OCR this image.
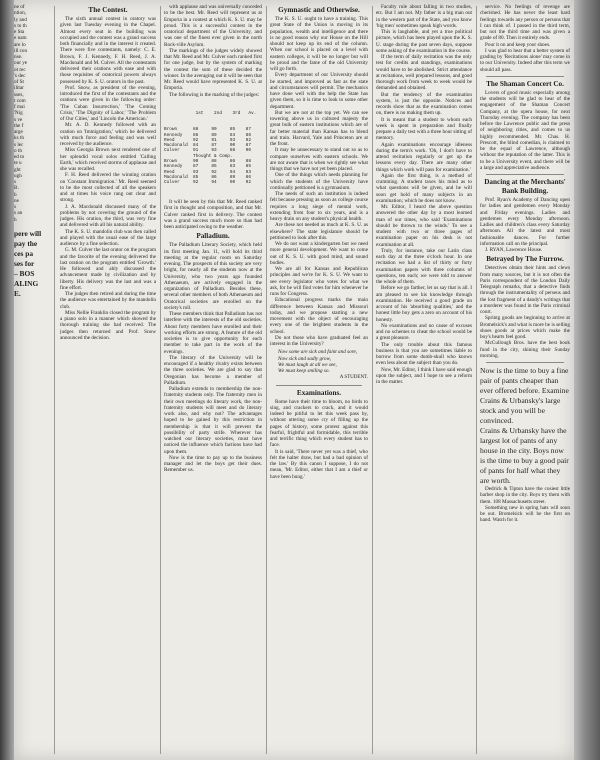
ne of
ntion,
ly and
s to th
e Sta
e nam
are lo
ill con
nse.
our ye
ot rec
's dec
of St
ilitar
sses,
t com
f mai
'Nig
s ve
the f
arge
ks th
s lec
o th
ed to
te u
ght
ugh
s
B.
b
ne
s
s an
h
pere will
pay the
ces pa
ses for
– BOS
ALING
E.
The Contest.
The sixth annual contest in oratory was given last Tuesday evening in the Chapel. Almost every seat in the building was occupied and the contest was a grand success both financially and in the interest it created. There were five contestants, namely: C. E. Brown, F. J. Kennedy, F. H. Reed, J. A. Macdonald and M. Culver. All the contestants delivered their orations with ease and with those requisites of oratorical powers always possessed by K. S. U. orators in the past.
Prof. Snow, as president of the evening, introduced the first of the contestants and the orations were given in the following order: 'The Cuban Insurrection,' 'The Coming Crisis,' 'The Dignity of Labor,' 'The Problem of Our Cities,' and 'Lincoln the American.'
Mr. A. D. Kennedy followed with an oration on 'Immigration,' which he delivered with much force and feeling and was well received by the audience.
Miss Georgia Brown next rendered one of her splendid vocal solos entitled 'Calling Earth,' which received storms of applause and she was recalled.
F. H. Reed delivered the winning oration on 'Constant Immigration.' Mr. Reed seemed to be the most collected of all the speakers and at times his voice rang out clear and strong.
J. A. Macdonald discussed many of the problems by not covering the ground of the judges. His oration, the third, was very fine and delivered with all his natural ability.
The K. S. U. mandolin club was then called and played with the usual ease of the large audience by a fine selection.
G. M. Culver the last orator on the program and the favorite of the evening delivered the last oration on the program entitled 'Growth.' He followed and ably discussed the advancement made by civilization and by liberty. His delivery was the last and was a fine effort.
The judges then retired and during the time the audience was entertained by the mandolin club.
Miss Nellie Franklin closed the program by a piano solo in a manner which showed the thorough training she had received. The judges then returned and Prof. Snow announced the decision.
with applause and was universally conceded to be the best. Mr. Reed will represent us at Emporia in a contest at which K. S. U. may be proud. This is a successful contest in the oratorical department of the University, and was one of the finest ever given in the north Rock-ville Asylum.
The markings of the judges widely showed that Mr. Reed and Mr. Culver each ranked first for one judge, but by the system of marking the contest the sum of these decided the winner. In the averaging out it will be seen that Mr. Reed would have represented K. S. U. at Emporia.
The following is the marking of the judges:

1st    2nd    3rd   Av.

Brown      88     90     85    87
Kennedy    86     89     84    86
Reed       92     91     93    92
Macdonald  84     87     90    87
Culver     91     93     88    90
Thought & Comp.
Brown      90     88     86    88
Kennedy    87     85     83    85
Reed       93     92     94    93
Macdonald  85     86     89    86
Culver     92     94     90    92

It will be seen by this that Mr. Reed ranked first in thought and composition, and that Mr. Culver ranked first in delivery. The contest was a grand success much more so than had been anticipated owing to the weather.
Palladium.
The Palladium Literary Society, which held its first meeting Jan. 11, will hold its third meeting at the regular room on Saturday evening. The prospects of this society are very bright, for nearly all the students now at the University, who two years ago founded Athenaeum, are actively engaged in the organization of Palladium. Besides these, several other members of both Athenaeum and Oratorical societies are enrolled on the society's roll.
These members think that Palladium has not interfere with the interests of the old societies. About forty members have enrolled and their working efforts are strong. A feature of the old societies is to give opportunity for each member to take part in the work of the evenings.
The literary of the University will be encouraged if a healthy rivalry exists between the three societies. We are glad to say that Oregonian has become a member of Palladium.
Palladium extends to membership the non-fraternity students only. The fraternity men in their own meetings do literary work, the non-fraternity students will meet and do literary work also, and why not? The advantages hoped to be gained by this restriction in membership is that it will prevent the possibility of party strife. Wherever has watched our literary societies, must have noticed the influence which factions have had upon them.
Now is the time to pay up to the business manager and let the boys get their dues. Remember us.
Gymnastic and Otherwise.
The K. S. U. ought to have a training. This great State of the Union is moving in its population, wealth and intelligence and there is no good reason why our House on the Hill should not keep up its end of the column. When our school is placed on a level with eastern colleges, it will be no longer but will be proud and the fame of the old University will go forth.
Every department of our University should be started, and improved as fast as the state and circumstances will permit. The mechanics have done well with the help the State has given them, so it is time to look to some other department.
But we are not at the top yet. We can see towering above us in cultured majesty the great bulk of eastern institutions which are of far better material than Kansas has to blend and train. Harvard, Yale and Princeton are at the front.
It may be unnecessary to stand out so as to compare ourselves with eastern schools. We are not aware that is when we rightly see what things that we have not yet been placed.
One of the things which needs planning for which the students of the University have continually petitioned is a gymnasium.
The needs of such an institution is indeed felt because pressing as soon as college course requires a long siege of mental work, extending from four to six years, and is a heavy drain on any student's physical health.
Are these not needed as much at K. S. U. as elsewhere? The state legislature should be petitioned to look after this.
We do not want a kindergarten but we need more general development. We want to come out of K. S. U. with good mind, and sound bodies.
We are all for Kansas and Republican principles and we're for K. S. U. We want to see every legislator who votes for what we ask, for he will find votes for him whenever he runs for Congress.
Educational progress marks the main difference between Kansas and Missouri today, and we propose starting a new movement with the object of encouraging every one of the brightest students in the school.
Do not those who have graduated feel an interest in the University?
Now some are sick and faint and sore,
Now sick and sadly grow,
We must laugh at all we see,
We must keep smiling so.
A STUDENT.
Examinations.
Rome have their time to bloom, no birds to sing, and crackers to crack, and it would indeed be pitiful to let this week pass by, without uttering some cry of filling up the pages of history, some protest against this fearful, frightful and formidable, this terrible and terrific thing which every student has to face.
It is said, 'There never yet was a thief, who felt the halter draw, but had a bad opinion of the law.' By this canon I suppose, I do not mean, 'Mr. Editor, either that I am a thief or have been hung.'
Faculty rule about falling in two studies, etc. But I am not. My father is a big man out in the western part of the State, and you know 'big men' sometimes speak high words.
This is laughable, and yet a true political picture, which has been played upon the K. S. U. stage during the past seven days, suppose some asking of the examination in the course.
If the term of daily recitation was the only test for credits and standings, examinations would have to be abolished. Strict attendance at recitations, well prepared lessons, and good thorough work from week to week would be demanded and obtained.
But the tendency of the examination system, is just the opposite. Notices and records show that as the examination comes on, there is no making them up.
It is meant that a student to whom each week is spent in preparation and finally prepare a daily test with a three hour sitting of memory.
Again examinations encourage idleness during the term's work. 'Oh, I don't have to attend recitation regularly or get up the lessons every day. There are many other things which work will pass for examination.'
Again the first thing, is a method of cramming. A student taxes his mind as to what questions will be given, and he will soon get hold of many subjects in an examination; which he does not know.
Mr. Editor, I heard the above question answered the other day by a most learned man of our times, who said 'Examinations should be thrown to the winds.' To see a student with two or three pages of examination paper on his desk is not examination at all.
Truly, for instance, take our Latin class each day at the three o'clock hour. In one recitation we had a list of thirty or forty examination papers with three columns of questions, ten each; we were told to answer the whole of them.
Before we go farther, let us say that is all. I am pleased to see his knowledge through examination. He received a good grade on account of his 'absorbing qualities,' and the honest little boy gets a zero on account of his honesty.
No examinations and no cause of excuses and no schemes to cheat the school would be a great pleasure.
The only trouble about this famous business is that you are sometimes liable to borrow from some dumb-skull who knows even less about the subject than you do.
Now, Mr. Editor, I think I have said enough upon the subject, and I hope to see a reform in the matter.
service. No feelings of revenge are cherished. He has never the least hard feelings towards any person or persons that I can think of. I passed in the third term, but not the third time and was given a grade of 80. Then it entirely ends.
Pour it on and keep your shoes.
I was glad to hear that a better system of grading by 'Recitations alone' may come in to our University. Indeed after this term we should all pass.
The Shaman Concert Co.
Lovers of good music especially among the students will be glad to hear of the engagement of the Shaman Concert Company, at the opera house, for next Thursday evening. The company has been before the Lawrence public and the press of neighboring cities, and comes to us highly recommended. Mr. Chas. H. Prescott, the blind comedian, is claimed to be the equal of Lawrence, although without the reputation of the latter. This is to be a University event, and there will be a large and appreciative audience.
Dancing at the Merchants' Bank Building.
Prof. Ryan's Academy of Dancing open for ladies and gentlemen every Monday and Friday evenings. Ladies and gentlemen every Monday afternoon. Ladies and children's class every Saturday afternoon. All the latest and most fashionable dances. For further information call on the principal.
J. RYAN, Lawrence House.
Betrayed by The Furrow.
Detectives obtain their hints and clews from many sources, but it is not often the Paris correspondent of the London Daily Telegraph remarks, that a detective finds through the instrumentality of perseus and the lost fragment of a dandy's writings that a murderer was found in the Paris criminal court.
Sprintg goods are beginning to arrive at Bromelsick's and what is more he is selling shoes goods at prices which make the boy's hearts feel good.
McCullough Bros. have the best book fund in the city, shining their Sunday morning.
Now is the time to buy a fine pair of pants cheaper than ever offered before. Examine Crains & Urbansky's large stock and you will be convinced.
Crains & Urbansky have the largest lot of pants of any house in the city. Boys now is the time to buy a good pair of pants for half what they are worth.
Dedrick & Tipton have the cosiest little barber shop in the city. Boys try them with them. 108 Massachusetts street.
Something new in spring hats will soon be out. Bromelsick will be the first on hand. Watch for it.
